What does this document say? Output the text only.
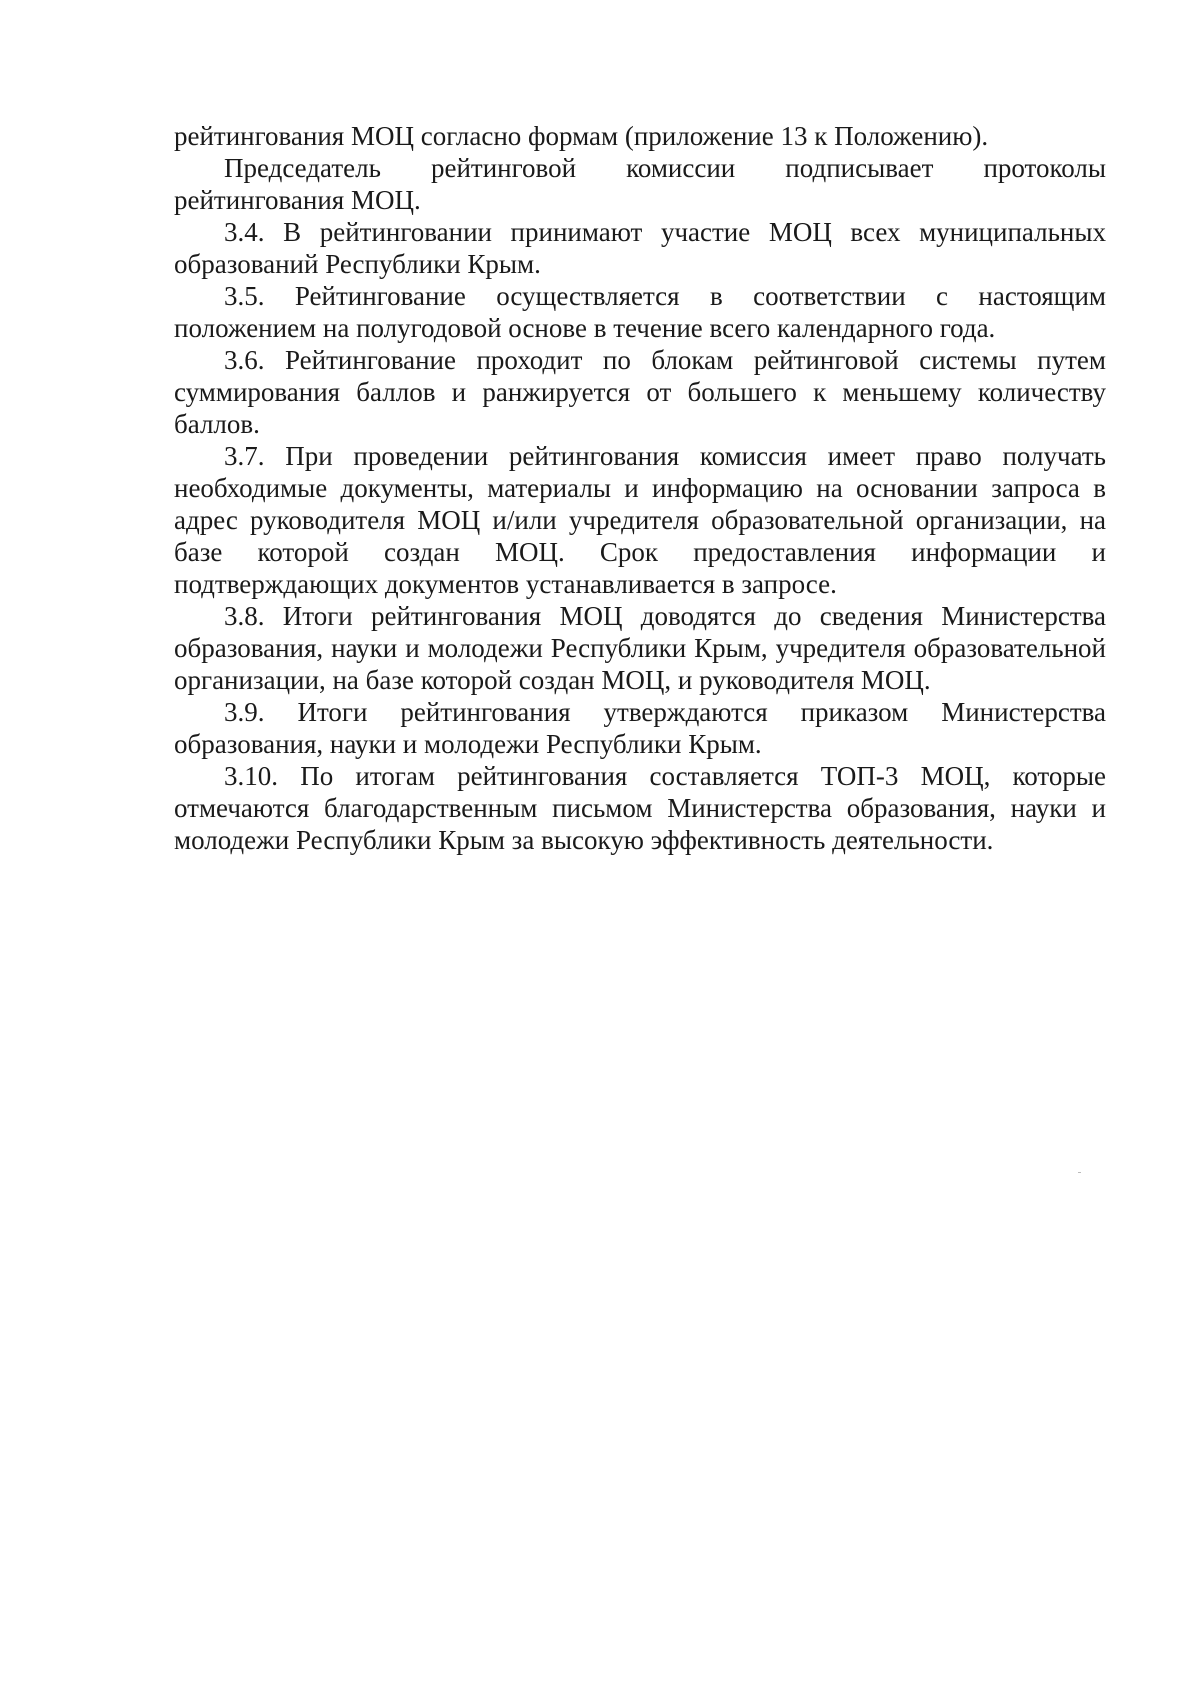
рейтингования МОЦ согласно формам (приложение 13 к Положению).

Председатель рейтинговой комиссии подписывает протоколы рейтингования МОЦ.

3.4. В рейтинговании принимают участие МОЦ всех муниципальных образований Республики Крым.

3.5. Рейтингование осуществляется в соответствии с настоящим положением на полугодовой основе в течение всего календарного года.

3.6. Рейтингование проходит по блокам рейтинговой системы путем суммирования баллов и ранжируется от большего к меньшему количеству баллов.

3.7. При проведении рейтингования комиссия имеет право получать необходимые документы, материалы и информацию на основании запроса в адрес руководителя МОЦ и/или учредителя образовательной организации, на базе которой создан МОЦ. Срок предоставления информации и подтверждающих документов устанавливается в запросе.

3.8. Итоги рейтингования МОЦ доводятся до сведения Министерства образования, науки и молодежи Республики Крым, учредителя образовательной организации, на базе которой создан МОЦ, и руководителя МОЦ.

3.9. Итоги рейтингования утверждаются приказом Министерства образования, науки и молодежи Республики Крым.

3.10. По итогам рейтингования составляется ТОП-3 МОЦ, которые отмечаются благодарственным письмом Министерства образования, науки и молодежи Республики Крым за высокую эффективность деятельности.
